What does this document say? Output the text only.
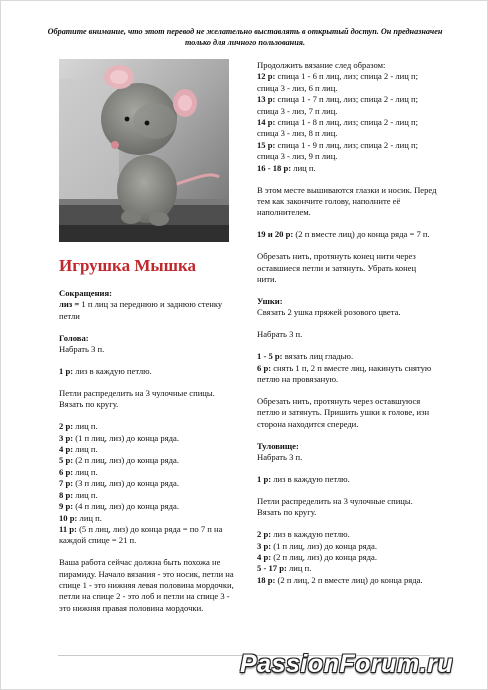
Обратите внимание, что этот перевод не желательно выставлять в открытый доступ. Он предназначен только для личного пользования.
Игрушка Мышка
Сокращения:
лиз = 1 п лиц за переднюю и заднюю стенку петли
Голова:
Набрать 3 п.
1 р: лиз в каждую петлю.
Петли распределить на 3 чулочные спицы. Вязать по кругу.
2 р: лиц п.
3 р: (1 п лиц, лиз) до конца ряда.
4 р: лиц п.
5 р: (2 п лиц, лиз) до конца ряда.
6 р: лиц п.
7 р: (3 п лиц, лиз) до конца ряда.
8 р: лиц п.
9 р: (4 п лиц, лиз) до конца ряда.
10 р: лиц п.
11 р: (5 п лиц, лиз) до конца ряда = по 7 п на каждой спице = 21 п.
Ваша работа сейчас должна быть похожа не пирамиду. Начало вязания - это носик, петли на спице 1 - это нижняя левая половина мордочки, петли на спице 2 - это лоб и петли на спице 3 - это нижняя правая половина мордочки.
Продолжить вязание след образом:
12 р: спица 1 - 6 п лиц, лиз; спица 2 - лиц п; спица 3 - лиз, 6 п лиц.
13 р: спица 1 - 7 п лиц, лиз; спица 2 - лиц п; спица 3 - лиз, 7 п лиц.
14 р: спица 1 - 8 п лиц, лиз; спица 2 - лиц п; спица 3 - лиз, 8 п лиц.
15 р: спица 1 - 9 п лиц, лиз; спица 2 - лиц п; спица 3 - лиз, 9 п лиц.
16 - 18 р: лиц п.
В этом месте вышиваются глазки и носик. Перед тем как закончите голову, наполните её наполнителем.
19 и 20 р: (2 п вместе лиц) до конца ряда = 7 п.
Обрезать нить, протянуть конец нити через оставшиеся петли и затянуть. Убрать конец нити.
Ушки:
Связать 2 ушка пряжей розового цвета.
Набрать 3 п.
1 - 5 р: вязать лиц гладью.
6 р: снять 1 п, 2 п вместе лиц, накинуть снятую петлю на провязаную.
Обрезать нить, протянуть через оставшуюся петлю и затянуть. Пришить ушки к голове, изн сторона находится спереди.
Туловище:
Набрать 3 п.
1 р: лиз в каждую петлю.
Петли распределить на 3 чулочные спицы. Вязать по кругу.
2 р: лиз в каждую петлю.
3 р: (1 п лиц, лиз) до конца ряда.
4 р: (2 п лиц, лиз) до конца ряда.
5 - 17 р: лиц п.
18 р: (2 п лиц, 2 п вместе лиц) до конца ряда.
PassionForum.ru
